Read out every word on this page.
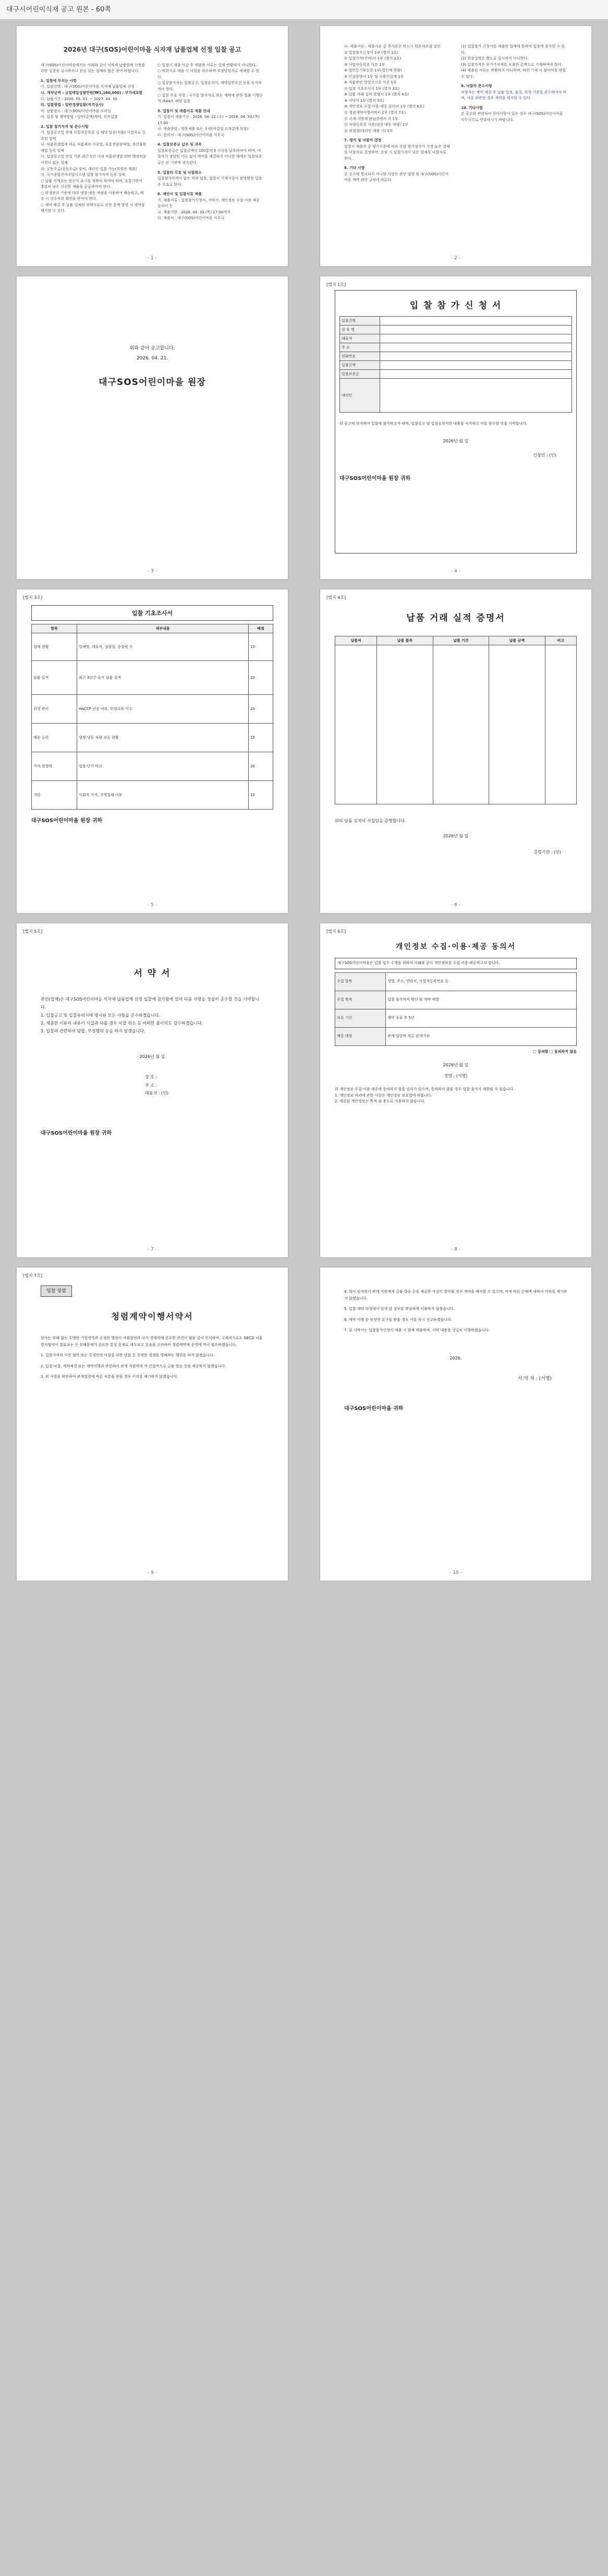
대구시어린이식재 공고 원본 - 60쪽
2026년 대구(SOS)어린이마을 식자재 납품업체 선정 입찰 공고
대구(SOS)어린이마을에서는 아래와 같이 식자재 납품업체 선정을 위한 입찰을 실시하오니 관심 있는 업체의 많은 참여 바랍니다.
1. 입찰에 부치는 사항
가. 입찰건명 : 대구(SOS)어린이마을 식자재 납품업체 선정
나. 계약금액 : 금일백일십팔만원(₩1,180,000) / 부가세포함
다. 납품기간 : 2026. 05. 01. ~ 2027. 04. 30.
라. 입찰방법 : 일반경쟁입찰(적격심사)
마. 납품장소 : 대구(SOS)어린이마을 조리실
바. 입찰 및 계약방법 : 일반(총액)계약, 전자입찰
2. 입찰 참가자격 및 준수사항
가. 입찰공고일 현재 사업자등록증 상 해당 업종(식품) 사업자로 등록된 업체
나. 식품위생법에 따른 식품제조·가공업, 유통전문판매업, 축산물판매업 등록 업체
다. 입찰공고일 전일 기준 최근 1년 이내 식품위생법 위반 행정처분 이력이 없는 업체
라. 공동수급(공동도급) 불허, 대리인 입찰 가능(위임장 제출)
마. 국가종합전자조달시스템 입찰 참가자격 등록 업체
○ 납품 식재료는 원산지 표시를 정확히 하여야 하며, 유통기한이 충분히 남은 신선한 제품을 공급하여야 한다.
○ 위생관리 기준에 따라 냉장·냉동 차량을 이용하여 배송하고, 배송 시 검수자의 확인을 받아야 한다.
○ 계약 체결 후 납품 업체의 귀책사유로 인한 문제 발생 시 계약을 해지할 수 있다.
○ 입찰서 제출 마감 후 제출한 서류는 일체 반환하지 아니한다.
○ 허위서류 제출 시 낙찰을 취소하며 부정당업자로 제재할 수 있다.
○ 입찰참가자는 입찰공고, 입찰유의서, 계약일반조건 등을 숙지하여야 한다.
○ 입찰 무효 사항 : 국가를 당사자로 하는 계약에 관한 법률 시행규칙 제44조 해당 입찰
3. 입찰서 및 제출서류 제출 안내
가. 입찰서 제출기간 : 2026. 04. 22.(수) ~ 2026. 04. 30.(목) 17:00
나. 제출방법 : 방문제출 또는 우편(마감일 도착분에 한함)
다. 문의처 : 대구(SOS)어린이마을 사무국
4. 입찰보증금 납부 및 귀속
입찰보증금은 입찰금액의 100분의 5 이상을 납부하여야 하며, 낙찰자가 정당한 이유 없이 계약을 체결하지 아니한 때에는 입찰보증금은 본 기관에 귀속된다.
5. 입찰의 무효 및 낙찰취소
입찰참가자격이 없는 자의 입찰, 입찰서 기재사항이 불명확한 입찰은 무효로 한다.
6. 제안서 및 입찰서류 제출
가. 제출서류 : 입찰참가신청서, 서약서, 개인정보 수집·이용·제공 동의서 등
나. 제출기한 : 2026. 04. 30.(목) 17:00까지
다. 제출처 : 대구(SOS)어린이마을 사무국
- 1 -
나. 제출서류 : 제출서류 중 복사본은 반드시 원본대조필 날인
① 입찰참가신청서 1부 (별지 1호)
② 입찰가격(견적)서 1부 (별지 2호)
③ 사업자등록증 사본 1부
④ 법인등기부등본 1부(법인에 한함)
⑤ 인감증명서 1부 및 사용인감계 1부
⑥ 식품관련 영업신고증 사본 1부
⑦ 입찰 기초조사서 1부 (별지 3호)
⑧ 납품 거래 실적 증명서 1부 (별지 4호)
⑨ 서약서 1부 (별지 5호)
⑩ 개인정보 수집·이용·제공 동의서 1부 (별지 6호)
⑪ 청렴계약이행서약서 1부 (별지 7호)
⑫ 국세·지방세 완납증명서 각 1부
⑬ 차량등록증 사본(냉장·냉동 차량) 1부
⑭ 위임장(대리인 제출 시) 1부
7. 평가 및 낙찰자 결정
입찰서 제출자 중 평가기준에 따라 종합 평가점수가 가장 높은 업체를 낙찰자로 결정하며, 동점 시 입찰가격이 낮은 업체를 낙찰자로 한다.
8. 기타 사항
본 공고에 명시되지 아니한 사항은 관련 법령 및 대구(SOS)어린이마을 계약 관련 규정에 따른다.
(1) 입찰참가 신청서를 제출한 업체에 한하여 입찰에 참가할 수 있다.
(2) 현장설명은 별도로 실시하지 아니한다.
(3) 입찰가격은 부가가치세를 포함한 총액으로 기재하여야 한다.
(4) 제출된 서류는 반환하지 아니하며, 허위 기재 시 불이익을 받을 수 있다.
9. 낙찰자 준수사항
낙찰자는 계약 체결 후 납품 일정, 품질, 위생 기준을 준수하여야 하며, 이를 위반할 경우 계약을 해지할 수 있다.
10. 기타사항
본 공고와 관련하여 문의사항이 있는 경우 대구(SOS)어린이마을 사무국으로 연락하시기 바랍니다.
- 2 -
위와 같이 공고합니다.
2026. 04. 21.
대구SOS어린이마을 원장
- 3 -
[별지 1호]
입 찰 참 가 신 청 서
입찰건명	
상 호 명	
대표자	
주 소	
전화번호	
입찰금액	
입찰보증금	
대리인	
위 공고에 의거하여 입찰에 참가하고자 하며, 입찰공고 및 입찰유의서의 내용을 숙지하고 이를 준수할 것을 서약합니다.
2026년 월 일
신청인 : (인)
대구SOS어린이마을 원장 귀하
- 4 -
[별지 3호]
입찰 기초조사서
항목	세부내용	배점
업체 현황	업체명, 대표자, 설립일, 종업원 수	10
납품 실적	최근 3년간 유사 납품 실적	20
위생 관리	HACCP 인증 여부, 위생교육 이수	20
배송 능력	냉장·냉동 차량 보유 현황	15
가격 경쟁력	입찰 단가 비교	20
기타	사회적 기여, 지역업체 여부	15
대구SOS어린이마을 원장 귀하
- 5 -
[별지 4호]
납품 거래 실적 증명서
납품처	납품 품목	납품 기간	납품 금액	비고

위의 납품 실적이 사실임을 증명합니다.
2026년 월 일
증명기관 : (인)
- 6 -
[별지 5호]
서 약 서
본인(업체)은 대구SOS어린이마을 식자재 납품업체 선정 입찰에 참가함에 있어 다음 사항을 성실히 준수할 것을 서약합니다.
1. 입찰공고 및 입찰유의서에 명시된 모든 사항을 준수하겠습니다.
2. 제출한 서류의 내용이 사실과 다를 경우 낙찰 취소 등 어떠한 불이익도 감수하겠습니다.
3. 입찰과 관련하여 담합, 부정행위 등을 하지 않겠습니다.
2026년 월 일
상 호 :
주 소 :
대표자 : (인)
대구SOS어린이마을 원장 귀하
- 7 -
[별지 6호]
개인정보 수집·이용·제공 동의서
대구SOS어린이마을은 입찰 업무 수행을 위하여 아래와 같이 개인정보를 수집·이용·제공하고자 합니다.
수집 항목	성명, 주소, 연락처, 사업자등록번호 등
수집 목적	입찰 참가자격 확인 및 계약 체결
보유 기간	계약 종료 후 5년
제공 대상	관계 법령에 따른 관계기관
□ 동의함 □ 동의하지 않음
2026년 월 일
성명 : (서명)
위 개인정보 수집·이용·제공에 동의하지 않을 권리가 있으며, 동의하지 않을 경우 입찰 참가가 제한될 수 있습니다.
1. 개인정보 처리에 관한 사항은 개인정보 보호법에 따릅니다.
2. 제공된 개인정보는 목적 외 용도로 사용하지 않습니다.
- 8 -
[별지 7호]
입찰 청렴
청렴계약이행서약서
당사는 부패 없는 투명한 기업경영과 공정한 행정이 사회발전과 국가 경쟁력에 중요한 관건이 됨을 깊이 인식하며, 국제적으로도 OECD 뇌물방지협약이 발효되는 등 부패문제가 중요한 통상 문제로 대두되고 있음을 고려하여 청렴계약제 운영에 적극 협조하겠습니다.
1. 입찰가격의 사전 협의 또는 특정인의 낙찰을 위한 담합 등 공정한 경쟁을 방해하는 행위를 하지 않겠습니다.
2. 입찰·낙찰, 계약체결 또는 계약이행과 관련하여 관계 직원에게 직·간접적으로 금품·향응 등을 제공하지 않겠습니다.
3. 위 사항을 위반하여 관계법령에 따른 처분을 받을 경우 이의를 제기하지 않겠습니다.
- 9 -
4. 회사 임직원이 관계 직원에게 금품·향응 등을 제공한 사실이 발각될 경우 계약을 해지할 수 있으며, 이에 따른 손해에 대하여 이의를 제기하지 않겠습니다.
5. 입찰·계약 과정에서 알게 된 정보를 부당하게 이용하지 않겠습니다.
6. 계약 이행 중 부당한 요구를 받을 경우 이를 즉시 신고하겠습니다.
7. 본 서약서는 입찰참가신청서 제출 시 함께 제출하며, 서약 내용을 성실히 이행하겠습니다.
2026.
서 약 자 : (서명)
대구SOS어린이마을 귀하
- 10 -
